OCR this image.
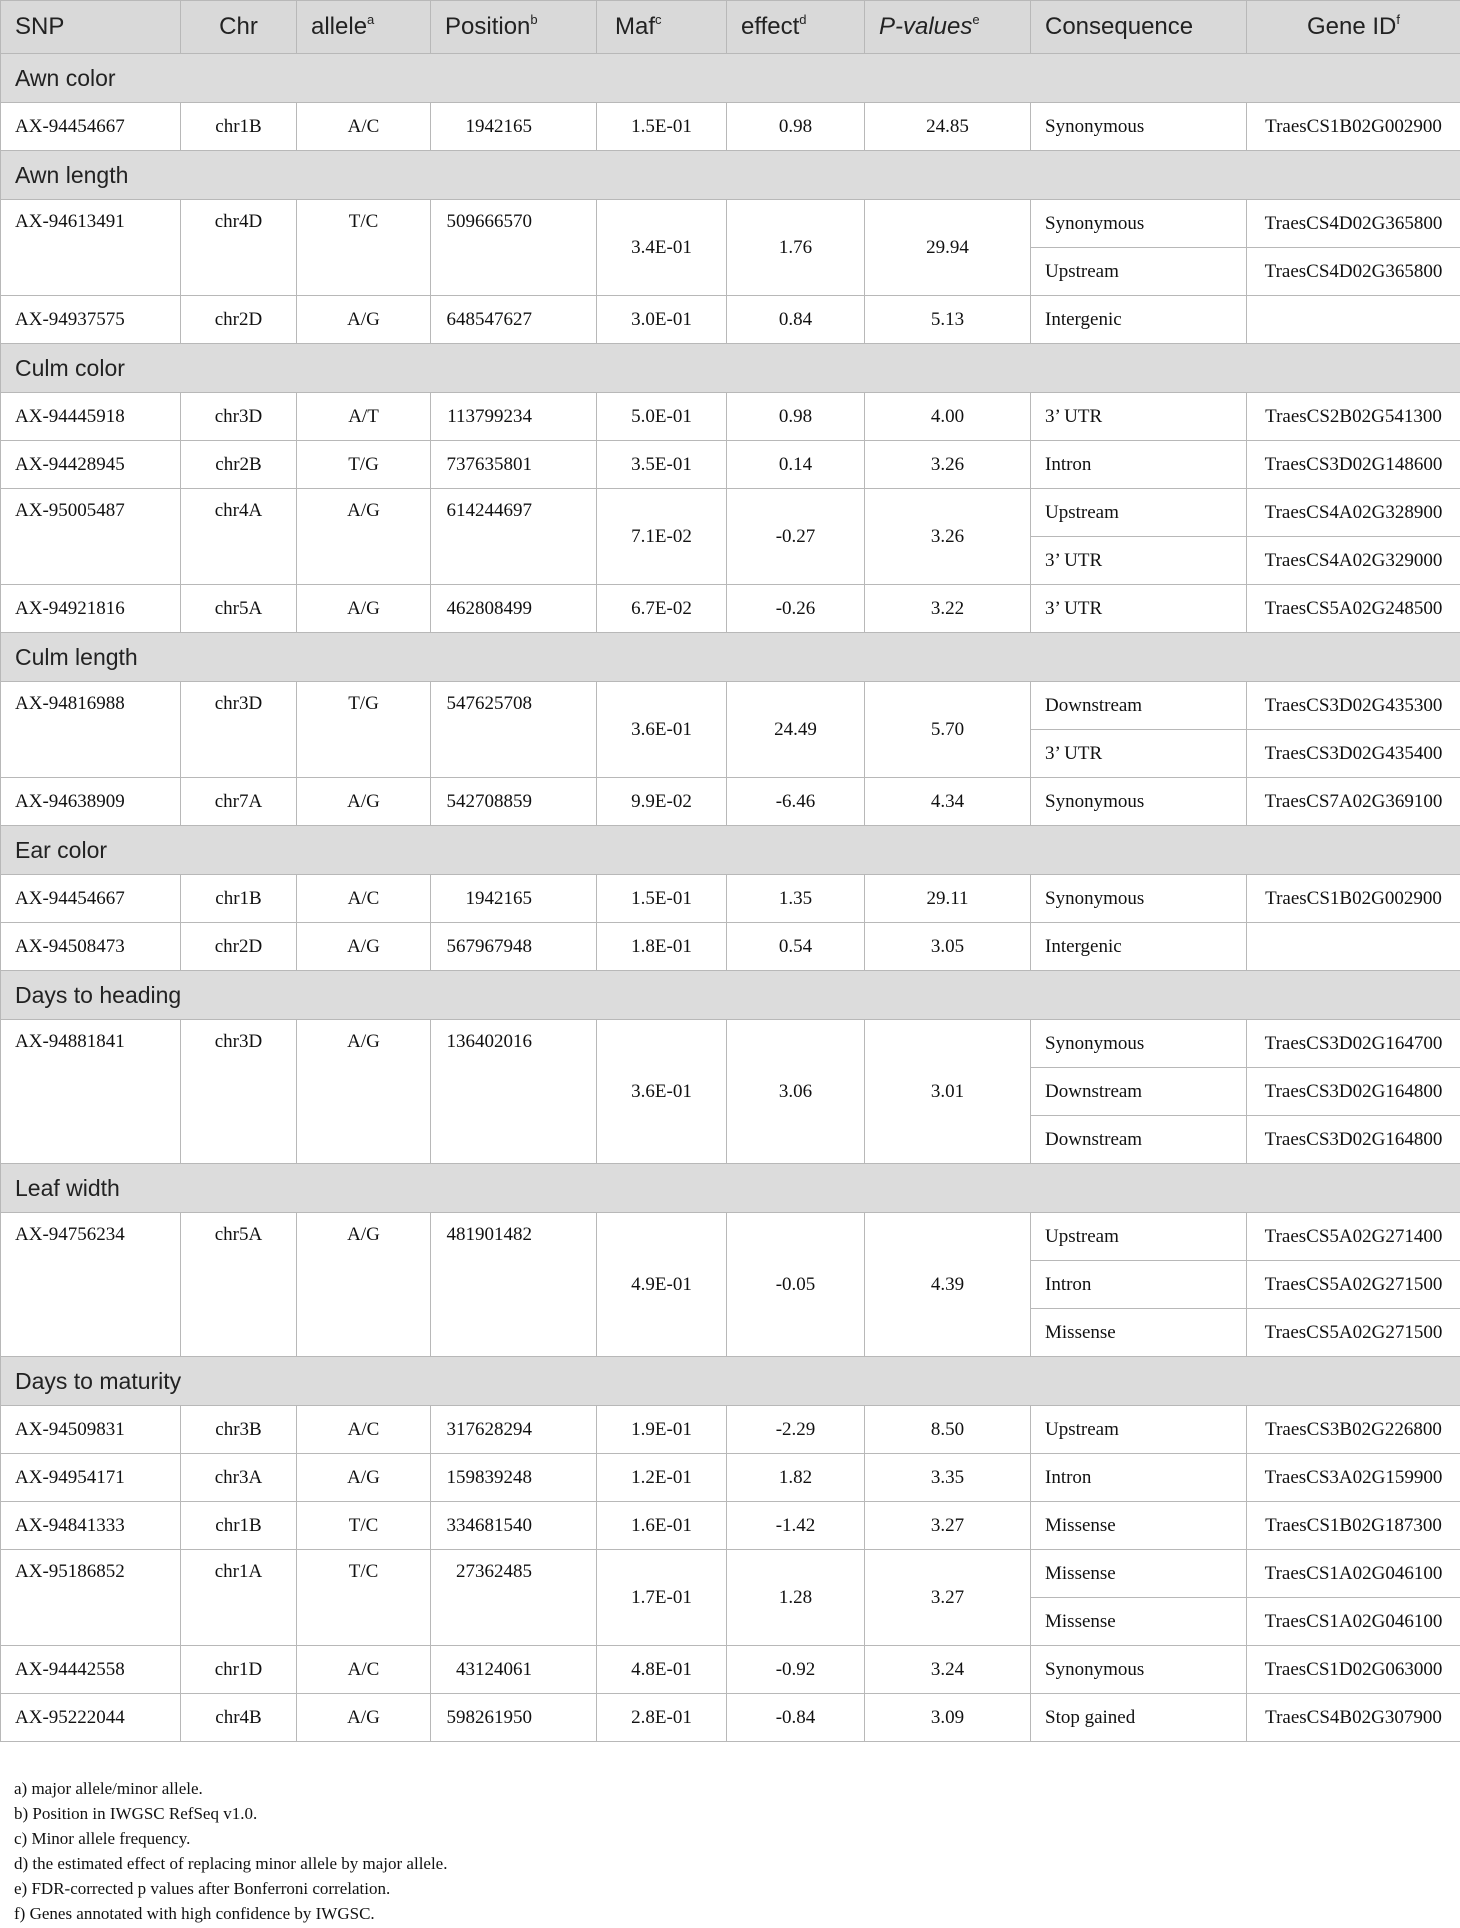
SNP	Chr	allele$^a$	Position$^b$	Maf$^c$	effect$^d$	P-values$^e$	Consequence	Gene $ID^f$
Awn color								
AX-94454667	chr1B	A/C	1942165	1.5E-01	0.98	24.85	Synonymous	TraesCS1B02G002900
Awn length								
AX-94613491	chr4D	T/C	509666570	3.4E-01	1.76	29.94	Synonymous	TraesCS4D02G365800
							Upstream	TraesCS4D02G365800
AX-94937575	chr2D	A/G	648547627	3.0E-01	0.84	5.13	Intergenic	
Culm color								
AX-94445918	chr3D	A/T	113799234	5.0E-01	0.98	4.00	3’ UTR	TraesCS2B02G541300
AX-94428945	chr2B	T/G	737635801	3.5E-01	0.14	3.26	Intron	TraesCS3D02G148600
AX-95005487	chr4A	A/G	614244697	7.1E-02	-0.27	3.26	Upstream	TraesCS4A02G328900
							3’ UTR	TraesCS4A02G329000
AX-94921816	chr5A	A/G	462808499	6.7E-02	-0.26	3.22	3’ UTR	TraesCS5A02G248500
Culm length								
AX-94816988	chr3D	T/G	547625708	3.6E-01	24.49	5.70	Downstream	TraesCS3D02G435300
							3’ UTR	TraesCS3D02G435400
AX-94638909	chr7A	A/G	542708859	9.9E-02	-6.46	4.34	Synonymous	TraesCS7A02G369100
Ear color								
AX-94454667	chr1B	A/C	1942165	1.5E-01	1.35	29.11	Synonymous	TraesCS1B02G002900
AX-94508473	chr2D	A/G	567967948	1.8E-01	0.54	3.05	Intergenic	
Days to heading								
AX-94881841	chr3D	A/G	136402016	3.6E-01	3.06	3.01	Synonymous	TraesCS3D02G164700
							Downstream	TraesCS3D02G164800
							Downstream	TraesCS3D02G164800
Leaf width								
AX-94756234	chr5A	A/G	481901482	4.9E-01	-0.05	4.39	Upstream	TraesCS5A02G271400
							Intron	TraesCS5A02G271500
							Missense	TraesCS5A02G271500
Days to maturity								
AX-94509831	chr3B	A/C	317628294	1.9E-01	-2.29	8.50	Upstream	TraesCS3B02G226800
AX-94954171	chr3A	A/G	159839248	1.2E-01	1.82	3.35	Intron	TraesCS3A02G159900
AX-94841333	chr1B	T/C	334681540	1.6E-01	-1.42	3.27	Missense	TraesCS1B02G187300
AX-95186852	chr1A	T/C	27362485	1.7E-01	1.28	3.27	Missense	TraesCS1A02G046100
							Missense	TraesCS1A02G046100
AX-94442558	chr1D	A/C	43124061	4.8E-01	-0.92	3.24	Synonymous	TraesCS1D02G063000
AX-95222044	chr4B	A/G	598261950	2.8E-01	-0.84	3.09	Stop gained	TraesCS4B02G307900
a) major allele/minor allele.
b) Position in IWGSC RefSeq v1.0.
c) Minor allele frequency.
d) the estimated effect of replacing minor allele by major allele.
e) FDR-corrected p values after Bonferroni correlation.
f) Genes annotated with high confidence by IWGSC.
